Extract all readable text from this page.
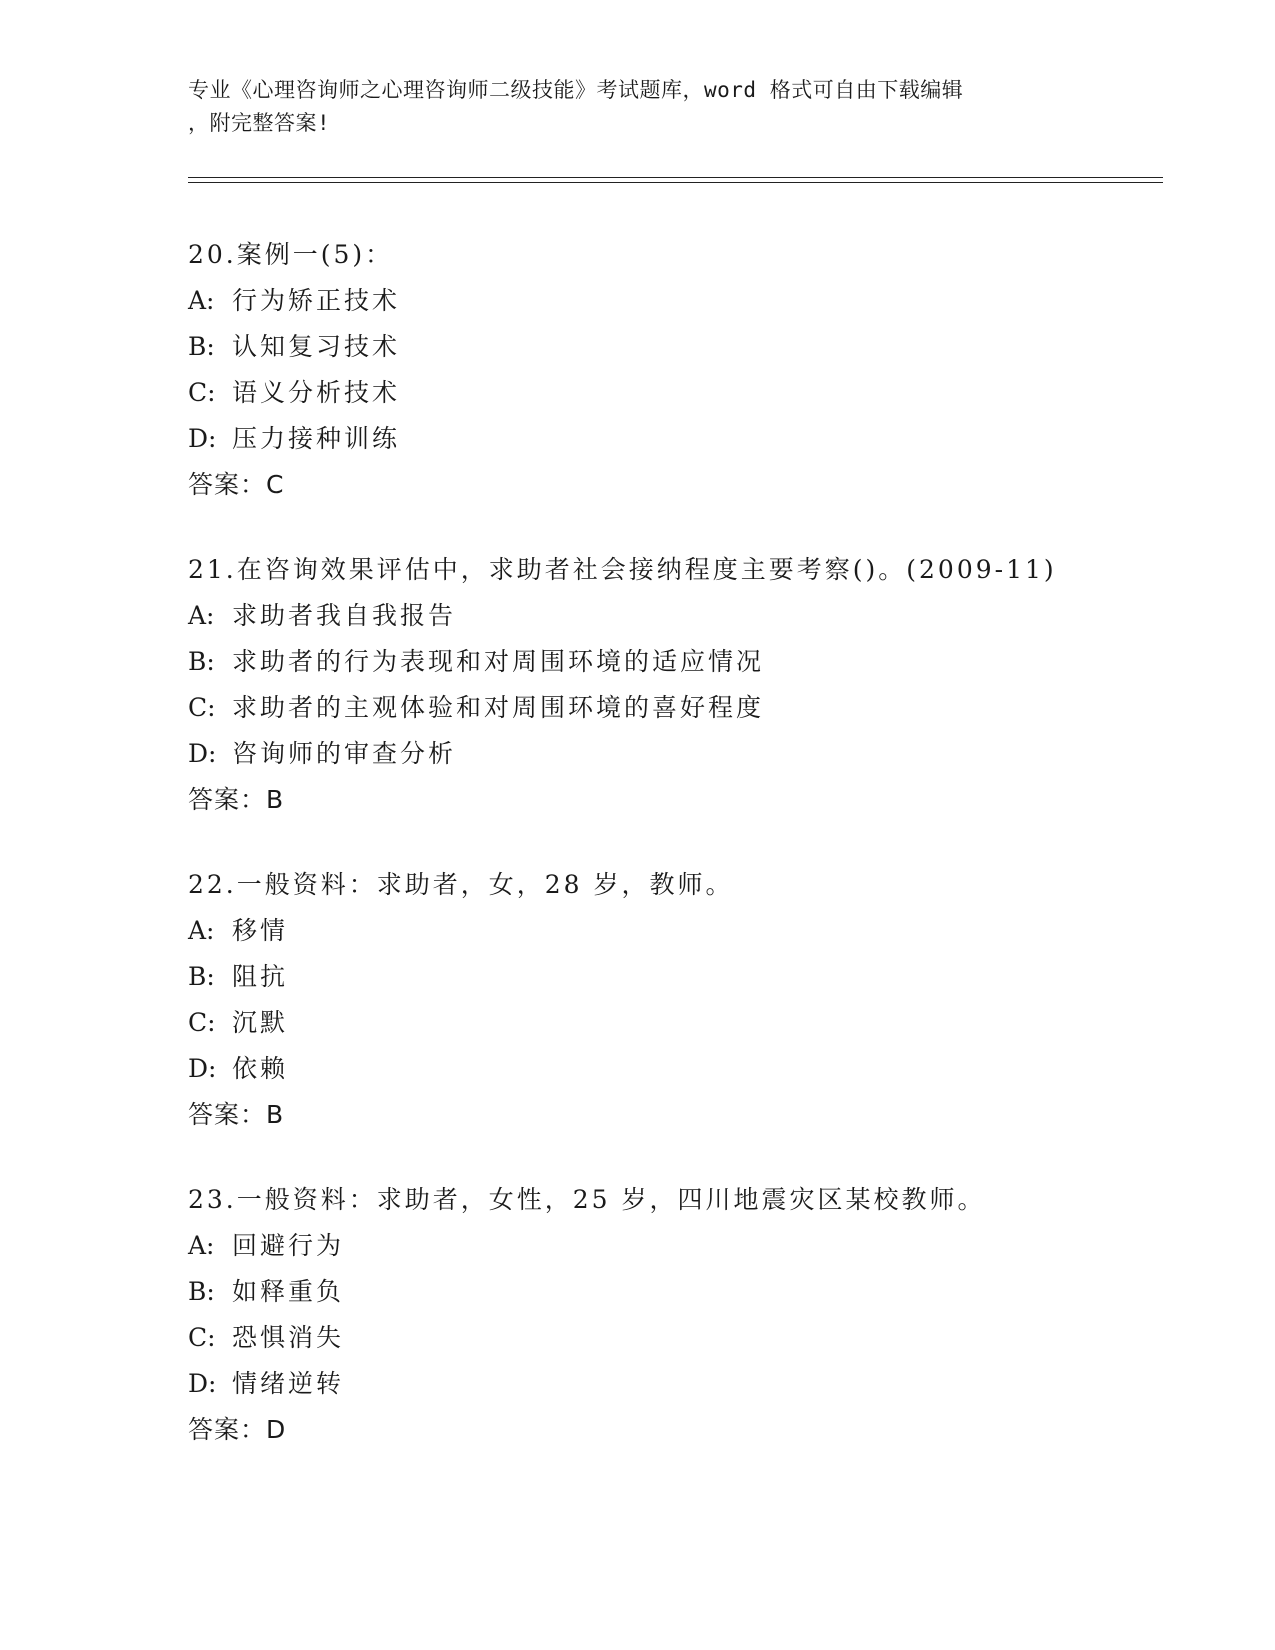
专业《心理咨询师之心理咨询师二级技能》考试题库，word 格式可自由下载编辑
，附完整答案!
20.案例一(5)：
A: 行为矫正技术
B: 认知复习技术
C: 语义分析技术
D: 压力接种训练
答案：C
21.在咨询效果评估中，求助者社会接纳程度主要考察()。(2009-11)
A: 求助者我自我报告
B: 求助者的行为表现和对周围环境的适应情况
C: 求助者的主观体验和对周围环境的喜好程度
D: 咨询师的审查分析
答案：B
22.一般资料：求助者，女，28 岁，教师。
A: 移情
B: 阻抗
C: 沉默
D: 依赖
答案：B
23.一般资料：求助者，女性，25 岁，四川地震灾区某校教师。
A: 回避行为
B: 如释重负
C: 恐惧消失
D: 情绪逆转
答案：D
